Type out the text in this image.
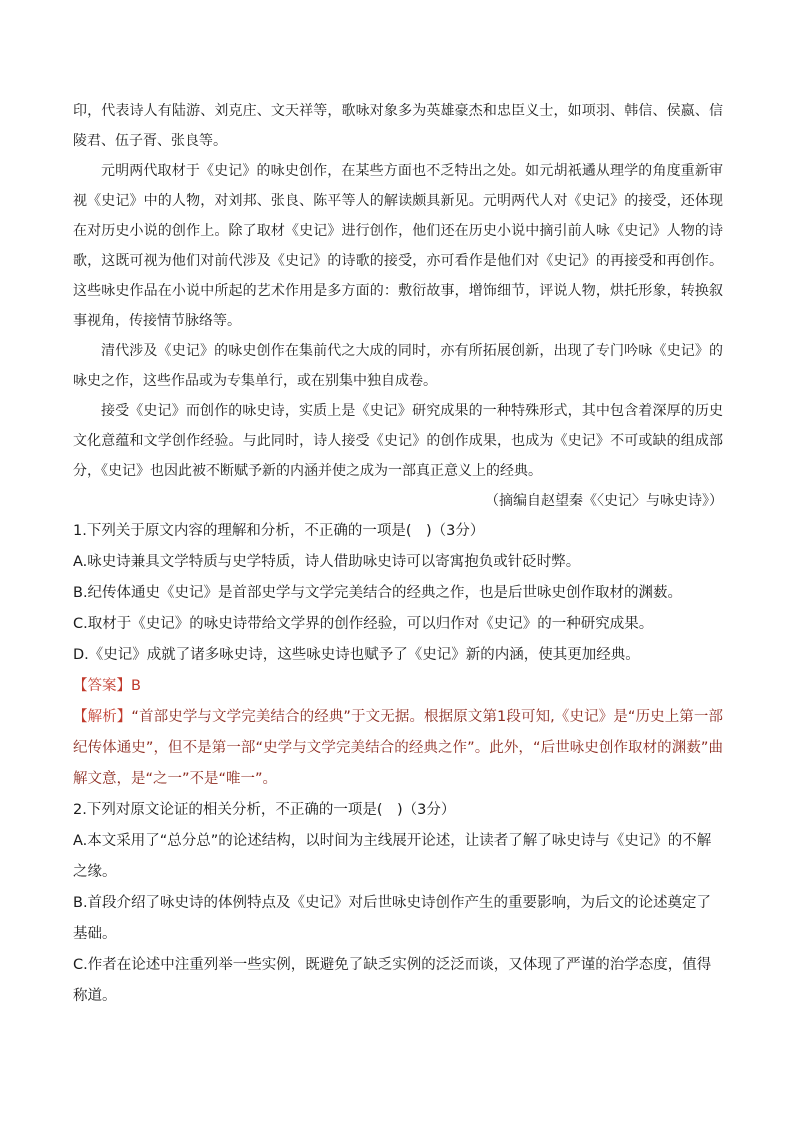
印，代表诗人有陆游、刘克庄、文天祥等，歌咏对象多为英雄豪杰和忠臣义士，如项羽、韩信、侯嬴、信陵君、伍子胥、张良等。

元明两代取材于《史记》的咏史创作，在某些方面也不乏特出之处。如元胡祇遹从理学的角度重新审视《史记》中的人物，对刘邦、张良、陈平等人的解读颇具新见。元明两代人对《史记》的接受，还体现在对历史小说的创作上。除了取材《史记》进行创作，他们还在历史小说中摘引前人咏《史记》人物的诗歌，这既可视为他们对前代涉及《史记》的诗歌的接受，亦可看作是他们对《史记》的再接受和再创作。这些咏史作品在小说中所起的艺术作用是多方面的：敷衍故事，增饰细节，评说人物，烘托形象，转换叙事视角，传接情节脉络等。

清代涉及《史记》的咏史创作在集前代之大成的同时，亦有所拓展创新，出现了专门吟咏《史记》的咏史之作，这些作品或为专集单行，或在别集中独自成卷。

接受《史记》而创作的咏史诗，实质上是《史记》研究成果的一种特殊形式，其中包含着深厚的历史文化意蕴和文学创作经验。与此同时，诗人接受《史记》的创作成果，也成为《史记》不可或缺的组成部分，《史记》也因此被不断赋予新的内涵并使之成为一部真正意义上的经典。

（摘编自赵望秦《〈史记〉与咏史诗》）

1.下列关于原文内容的理解和分析，不正确的一项是(　)（3分）

A.咏史诗兼具文学特质与史学特质，诗人借助咏史诗可以寄寓抱负或针砭时弊。

B.纪传体通史《史记》是首部史学与文学完美结合的经典之作，也是后世咏史创作取材的渊薮。

C.取材于《史记》的咏史诗带给文学界的创作经验，可以归作对《史记》的一种研究成果。

D.《史记》成就了诸多咏史诗，这些咏史诗也赋予了《史记》新的内涵，使其更加经典。

【答案】B

【解析】“首部史学与文学完美结合的经典”于文无据。根据原文第1段可知,《史记》是“历史上第一部纪传体通史”，但不是第一部“史学与文学完美结合的经典之作”。此外，“后世咏史创作取材的渊薮”曲解文意，是“之一”不是“唯一”。

2.下列对原文论证的相关分析，不正确的一项是(　)（3分）

A.本文采用了“总分总”的论述结构，以时间为主线展开论述，让读者了解了咏史诗与《史记》的不解之缘。

B.首段介绍了咏史诗的体例特点及《史记》对后世咏史诗创作产生的重要影响，为后文的论述奠定了基础。

C.作者在论述中注重列举一些实例，既避免了缺乏实例的泛泛而谈，又体现了严谨的治学态度，值得称道。
